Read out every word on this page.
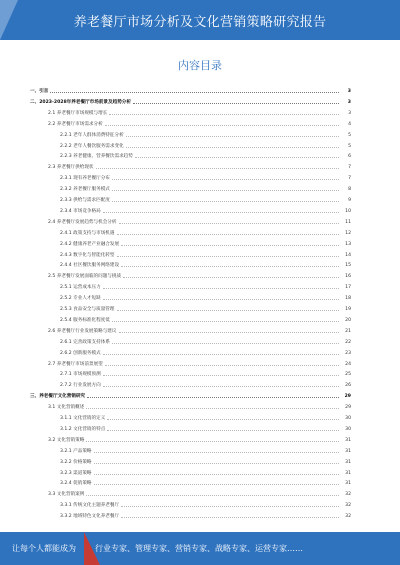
养老餐厅市场分析及文化营销策略研究报告
内容目录
一、引言	3
二、2023-2028年养老餐厅市场前景及趋势分析	3
2.1 养老餐厅市场规模与增长	3
2.2 养老餐厅市场需求分析	4
2.2.1 老年人群体消费特征分析	5
2.2.2 老年人餐饮服务需求变化	5
2.2.3 养老健康、营养餐饮需求趋势	6
2.3 养老餐厅供给现状	7
2.3.1 现有养老餐厅分布	7
2.3.2 养老餐厅服务模式	8
2.3.3 供给与需求匹配度	9
2.3.4 市场竞争格局	10
2.4 养老餐厅发展趋势与机会分析	11
2.4.1 政策支持与市场机遇	12
2.4.2 健康养老产业融合发展	13
2.4.3 数字化与智能化转型	14
2.4.4 社区餐饮服务网络建设	15
2.5 养老餐厅发展面临的问题与挑战	16
2.5.1 运营成本压力	17
2.5.2 专业人才短缺	18
2.5.3 食品安全与质量管理	19
2.5.4 服务标准化程度低	20
2.6 养老餐厅行业发展策略与建议	21
2.6.1 完善政策支持体系	22
2.6.2 创新服务模式	23
2.7 养老餐厅市场前景展望	24
2.7.1 市场规模预测	25
2.7.2 行业发展方向	26
三、养老餐厅文化营销研究	29
3.1 文化营销概述	29
3.1.1 文化营销的定义	30
3.1.2 文化营销的特点	30
3.2 文化营销策略	31
3.2.1 产品策略	31
3.2.2 价格策略	31
3.2.3 渠道策略	31
3.2.4 促销策略	31
3.3 文化营销案例	32
3.3.1 传统文化主题养老餐厅	32
3.3.2 地域特色文化养老餐厅	32
让每个人都能成为 行业专家、管理专家、营销专家、战略专家、运营专家……
